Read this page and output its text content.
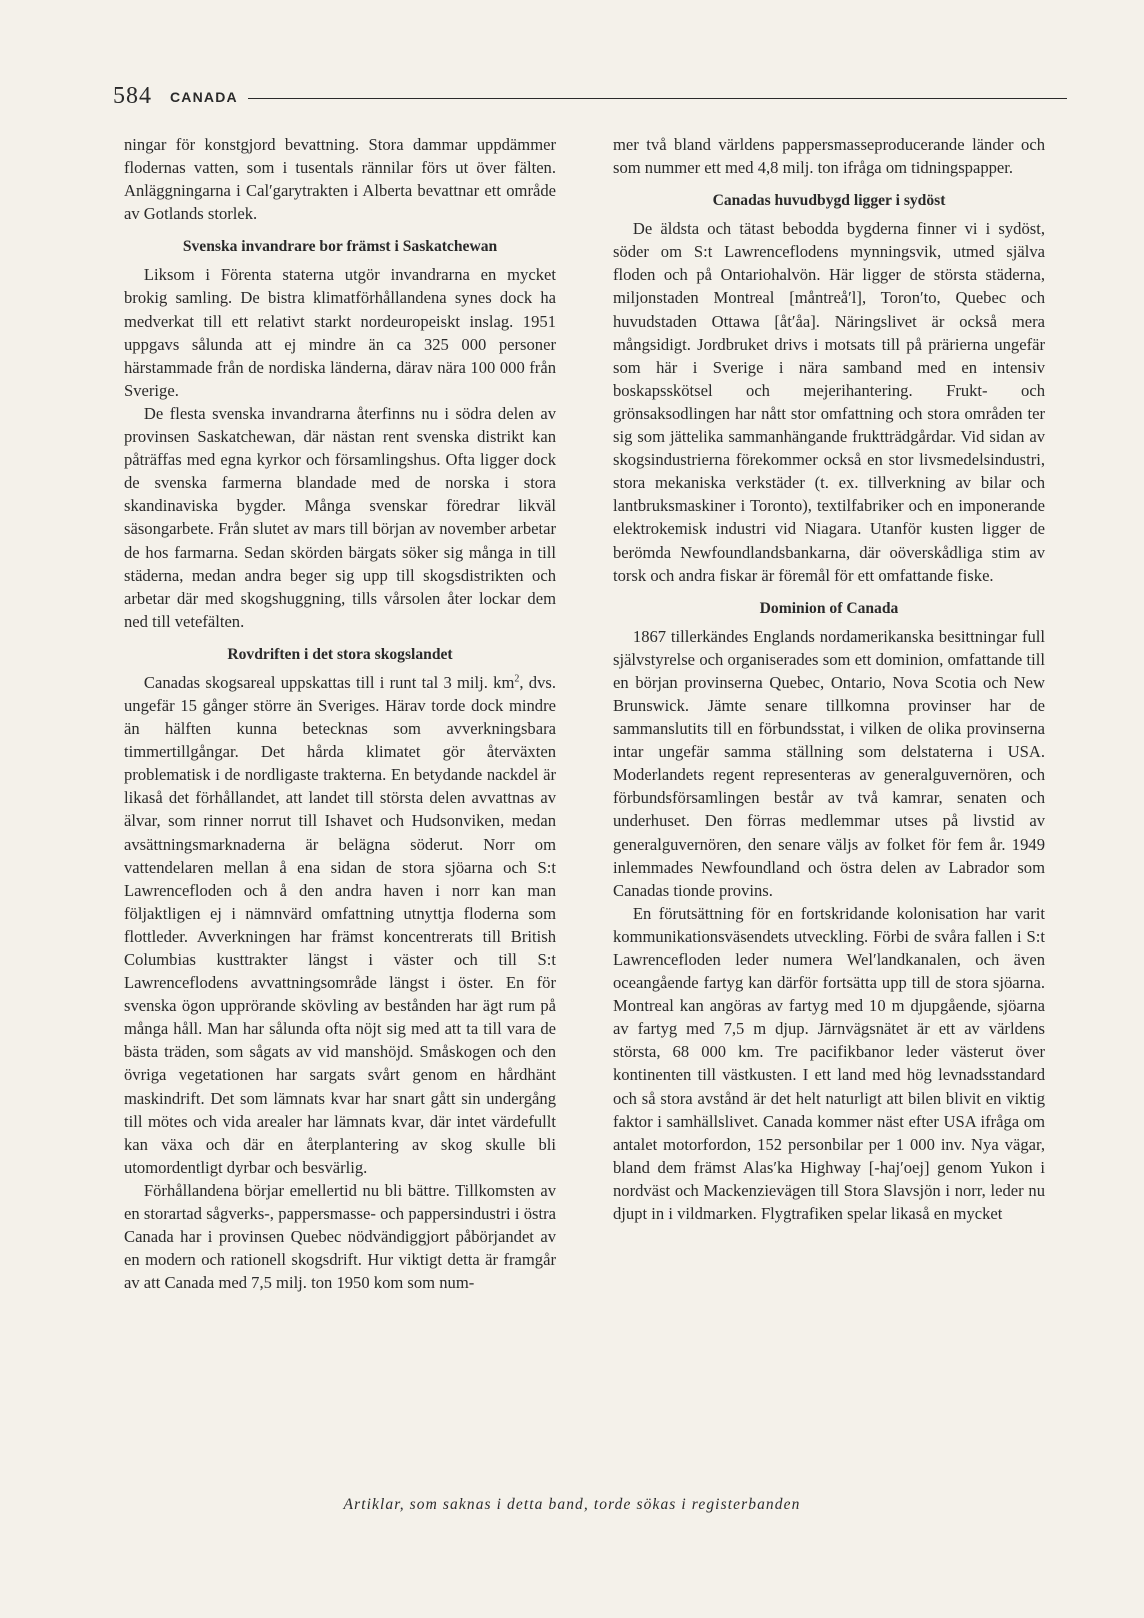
584 CANADA

ningar för konstgjord bevattning. Stora dammar uppdämmer flodernas vatten, som i tusentals rännilar förs ut över fälten. Anläggningarna i Cal′garytrakten i Alberta bevattnar ett område av Gotlands storlek.

Svenska invandrare bor främst i Saskatchewan

Liksom i Förenta staterna utgör invandrarna en mycket brokig samling. De bistra klimatförhållandena synes dock ha medverkat till ett relativt starkt nordeuropeiskt inslag. 1951 uppgavs sålunda att ej mindre än ca 325 000 personer härstammade från de nordiska länderna, därav nära 100 000 från Sverige.

De flesta svenska invandrarna återfinns nu i södra delen av provinsen Saskatchewan, där nästan rent svenska distrikt kan påträffas med egna kyrkor och församlingshus. Ofta ligger dock de svenska farmerna blandade med de norska i stora skandinaviska bygder. Många svenskar föredrar likväl säsongarbete. Från slutet av mars till början av november arbetar de hos farmarna. Sedan skörden bärgats söker sig många in till städerna, medan andra beger sig upp till skogsdistrikten och arbetar där med skogshuggning, tills vårsolen åter lockar dem ned till vetefälten.

Rovdriften i det stora skogslandet

Canadas skogsareal uppskattas till i runt tal 3 milj. $km^2$, dvs. ungefär 15 gånger större än Sveriges. Härav torde dock mindre än hälften kunna betecknas som avverkningsbara timmertillgångar. Det hårda klimatet gör återväxten problematisk i de nordligaste trakterna. En betydande nackdel är likaså det förhållandet, att landet till största delen avvattnas av älvar, som rinner norrut till Ishavet och Hudsonviken, medan avsättningsmarknaderna är belägna söderut. Norr om vattendelaren mellan å ena sidan de stora sjöarna och S:t Lawrencefloden och å den andra haven i norr kan man följaktligen ej i nämnvärd omfattning utnyttja floderna som flottleder. Avverkningen har främst koncentrerats till British Columbias kusttrakter längst i väster och till S:t Lawrenceflodens avvattningsområde längst i öster. En för svenska ögon upprörande skövling av bestånden har ägt rum på många håll. Man har sålunda ofta nöjt sig med att ta till vara de bästa träden, som sågats av vid manshöjd. Småskogen och den övriga vegetationen har sargats svårt genom en hårdhänt maskindrift. Det som lämnats kvar har snart gått sin undergång till mötes och vida arealer har lämnats kvar, där intet värdefullt kan växa och där en återplantering av skog skulle bli utomordentligt dyrbar och besvärlig.

Förhållandena börjar emellertid nu bli bättre. Tillkomsten av en storartad sågverks-, pappersmasse- och pappersindustri i östra Canada har i provinsen Quebec nödvändiggjort påbörjandet av en modern och rationell skogsdrift. Hur viktigt detta är framgår av att Canada med 7,5 milj. ton 1950 kom som num-

mer två bland världens pappersmasseproducerande länder och som nummer ett med 4,8 milj. ton ifråga om tidningspapper.

Canadas huvudbygd ligger i sydöst

De äldsta och tätast bebodda bygderna finner vi i sydöst, söder om S:t Lawrenceflodens mynningsvik, utmed själva floden och på Ontariohalvön. Här ligger de största städerna, miljonstaden Montreal [måntreå′l], Toron′to, Quebec och huvudstaden Ottawa [åt′åa]. Näringslivet är också mera mångsidigt. Jordbruket drivs i motsats till på prärierna ungefär som här i Sverige i nära samband med en intensiv boskapsskötsel och mejerihantering. Frukt- och grönsaksodlingen har nått stor omfattning och stora områden ter sig som jättelika sammanhängande fruktträdgårdar. Vid sidan av skogsindustrierna förekommer också en stor livsmedelsindustri, stora mekaniska verkstäder (t. ex. tillverkning av bilar och lantbruksmaskiner i Toronto), textilfabriker och en imponerande elektrokemisk industri vid Niagara. Utanför kusten ligger de berömda Newfoundlandsbankarna, där oöverskådliga stim av torsk och andra fiskar är föremål för ett omfattande fiske.

Dominion of Canada

1867 tillerkändes Englands nordamerikanska besittningar full självstyrelse och organiserades som ett dominion, omfattande till en början provinserna Quebec, Ontario, Nova Scotia och New Brunswick. Jämte senare tillkomna provinser har de sammanslutits till en förbundsstat, i vilken de olika provinserna intar ungefär samma ställning som delstaterna i USA. Moderlandets regent representeras av generalguvernören, och förbundsförsamlingen består av två kamrar, senaten och underhuset. Den förras medlemmar utses på livstid av generalguvernören, den senare väljs av folket för fem år. 1949 inlemmades Newfoundland och östra delen av Labrador som Canadas tionde provins.

En förutsättning för en fortskridande kolonisation har varit kommunikationsväsendets utveckling. Förbi de svåra fallen i S:t Lawrencefloden leder numera Wel′landkanalen, och även oceangående fartyg kan därför fortsätta upp till de stora sjöarna. Montreal kan angöras av fartyg med 10 m djupgående, sjöarna av fartyg med 7,5 m djup. Järnvägsnätet är ett av världens största, 68 000 km. Tre pacifikbanor leder västerut över kontinenten till västkusten. I ett land med hög levnadsstandard och så stora avstånd är det helt naturligt att bilen blivit en viktig faktor i samhällslivet. Canada kommer näst efter USA ifråga om antalet motorfordon, 152 personbilar per 1 000 inv. Nya vägar, bland dem främst Alas′ka Highway [-haj′oej] genom Yukon i nordväst och Mackenzievägen till Stora Slavsjön i norr, leder nu djupt in i vildmarken. Flygtrafiken spelar likaså en mycket

Artiklar, som saknas i detta band, torde sökas i registerbanden
